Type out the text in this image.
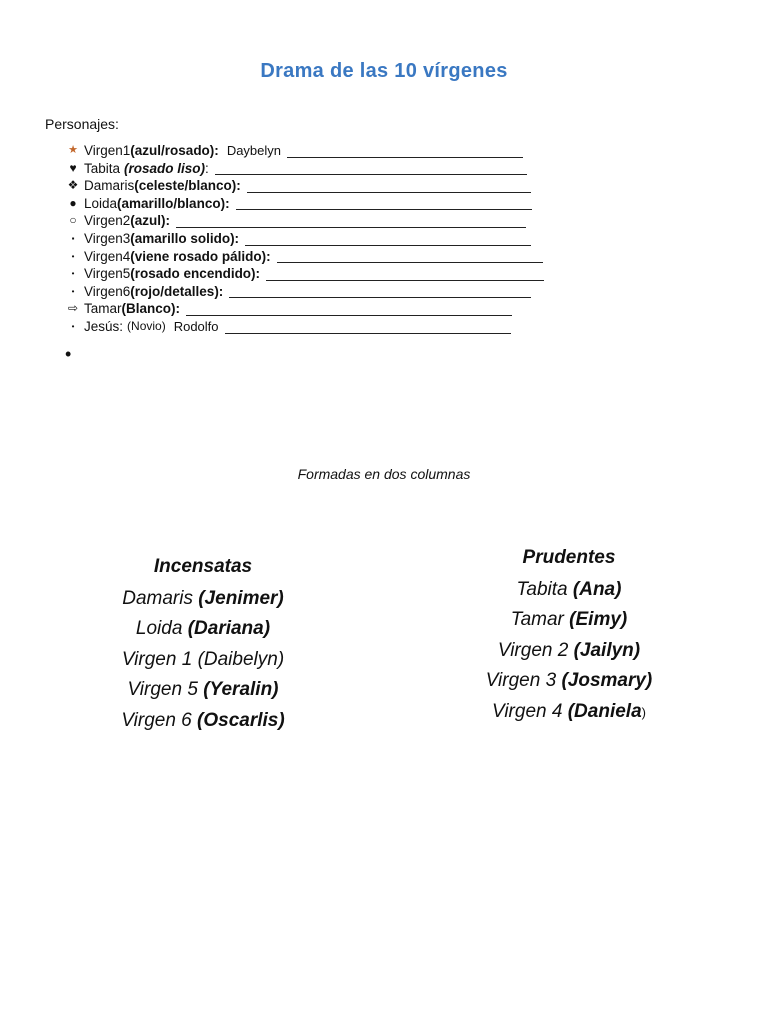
Drama de las 10 vírgenes
Personajes:
★ Virgen1 (azul/rosado): Daybelyn
♥ Tabita (rosado liso) :
❖ Damaris (celeste/blanco):
● Loida (amarillo/blanco):
○ Virgen2 (azul):
▪ Virgen3 (amarillo solido):
• Virgen4 (viene rosado pálido):
• Virgen5 (rosado encendido):
• Virgen6 (rojo/detalles):
⇨ Tamar (Blanco):
• Jesús: (Novio) Rodolfo
•
Formadas en dos columnas
Incensatas
Damaris (Jenimer)
Loida (Dariana)
Virgen 1 (Daibelyn)
Virgen 5 (Yeralin)
Virgen 6 (Oscarlis)
Prudentes
Tabita (Ana)
Tamar (Eimy)
Virgen 2 (Jailyn)
Virgen 3 (Josmary)
Virgen 4 (Daniela)
